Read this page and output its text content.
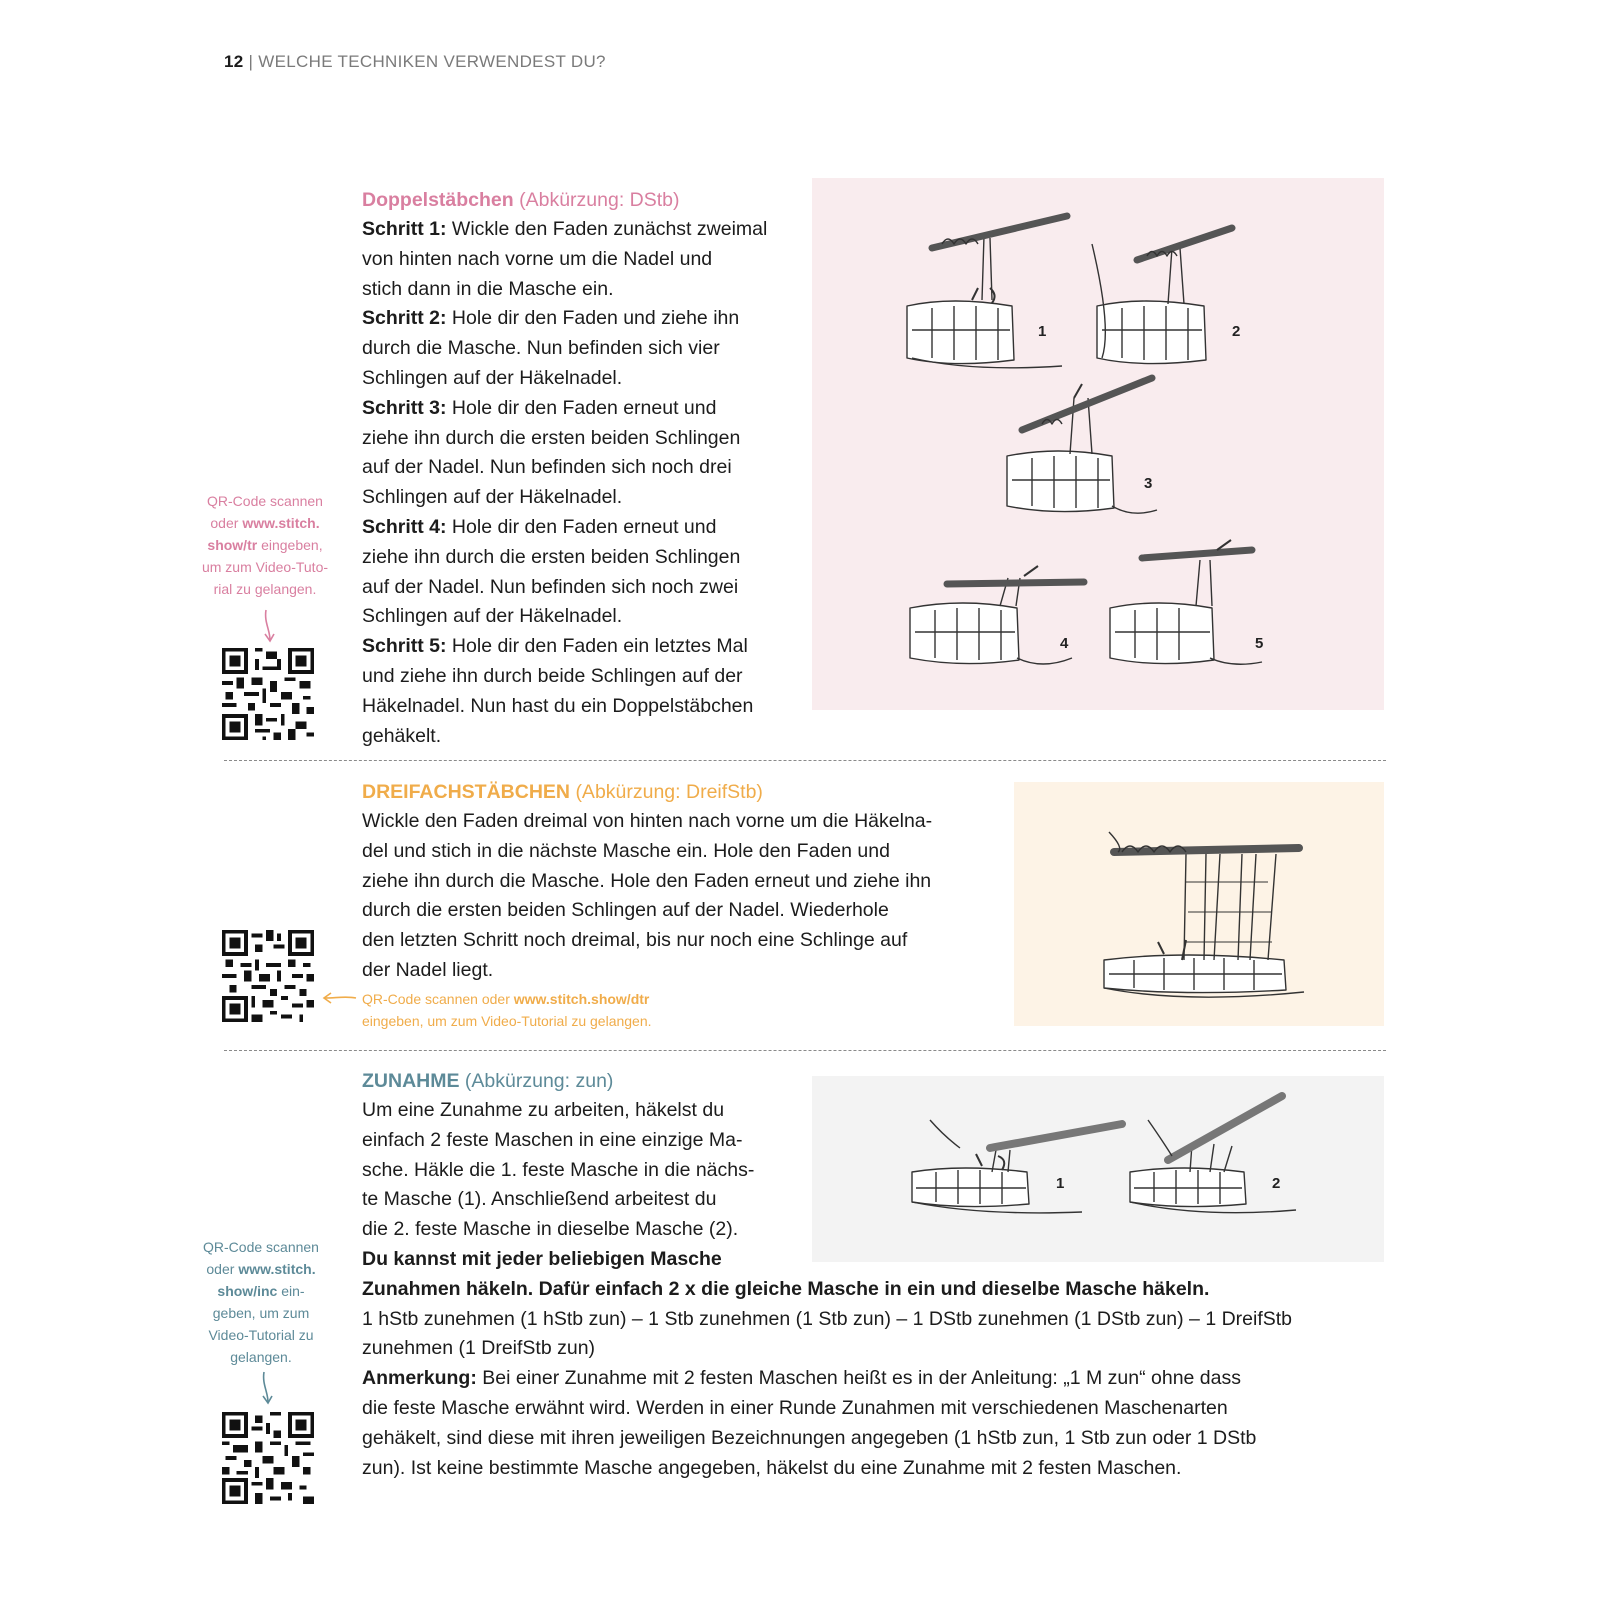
12 | WELCHE TECHNIKEN VERWENDEST DU?
Doppelstäbchen (Abkürzung: DStb)
Schritt 1: Wickle den Faden zunächst zweimal
von hinten nach vorne um die Nadel und
stich dann in die Masche ein.
Schritt 2: Hole dir den Faden und ziehe ihn
durch die Masche. Nun befinden sich vier
Schlingen auf der Häkelnadel.
Schritt 3: Hole dir den Faden erneut und
ziehe ihn durch die ersten beiden Schlingen
auf der Nadel. Nun befinden sich noch drei
Schlingen auf der Häkelnadel.
Schritt 4: Hole dir den Faden erneut und
ziehe ihn durch die ersten beiden Schlingen
auf der Nadel. Nun befinden sich noch zwei
Schlingen auf der Häkelnadel.
Schritt 5: Hole dir den Faden ein letztes Mal
und ziehe ihn durch beide Schlingen auf der
Häkelnadel. Nun hast du ein Doppelstäbchen
gehäkelt.
QR-Code scannen
oder www.stitch.
show/tr eingeben,
um zum Video-Tuto-
rial zu gelangen.
1	2
3
4	5
DREIFACHSTÄBCHEN (Abkürzung: DreifStb)
Wickle den Faden dreimal von hinten nach vorne um die Häkelna-
del und stich in die nächste Masche ein. Hole den Faden und
ziehe ihn durch die Masche. Hole den Faden erneut und ziehe ihn
durch die ersten beiden Schlingen auf der Nadel. Wiederhole
den letzten Schritt noch dreimal, bis nur noch eine Schlinge auf
der Nadel liegt.
QR-Code scannen oder www.stitch.show/dtr
eingeben, um zum Video-Tutorial zu gelangen.
ZUNAHME (Abkürzung: zun)
Um eine Zunahme zu arbeiten, häkelst du
einfach 2 feste Maschen in eine einzige Ma-
sche. Häkle die 1. feste Masche in die nächs-
te Masche (1). Anschließend arbeitest du
die 2. feste Masche in dieselbe Masche (2).
Du kannst mit jeder beliebigen Masche
Zunahmen häkeln. Dafür einfach 2 x die gleiche Masche in ein und dieselbe Masche häkeln.
1 hStb zunehmen (1 hStb zun) – 1 Stb zunehmen (1 Stb zun) – 1 DStb zunehmen (1 DStb zun) – 1 DreifStb
zunehmen (1 DreifStb zun)
Anmerkung: Bei einer Zunahme mit 2 festen Maschen heißt es in der Anleitung: „1 M zun“ ohne dass
die feste Masche erwähnt wird. Werden in einer Runde Zunahmen mit verschiedenen Maschenarten
gehäkelt, sind diese mit ihren jeweiligen Bezeichnungen angegeben (1 hStb zun, 1 Stb zun oder 1 DStb
zun). Ist keine bestimmte Masche angegeben, häkelst du eine Zunahme mit 2 festen Maschen.
QR-Code scannen
oder www.stitch.
show/inc ein-
geben, um zum
Video-Tutorial zu
gelangen.
1	2
